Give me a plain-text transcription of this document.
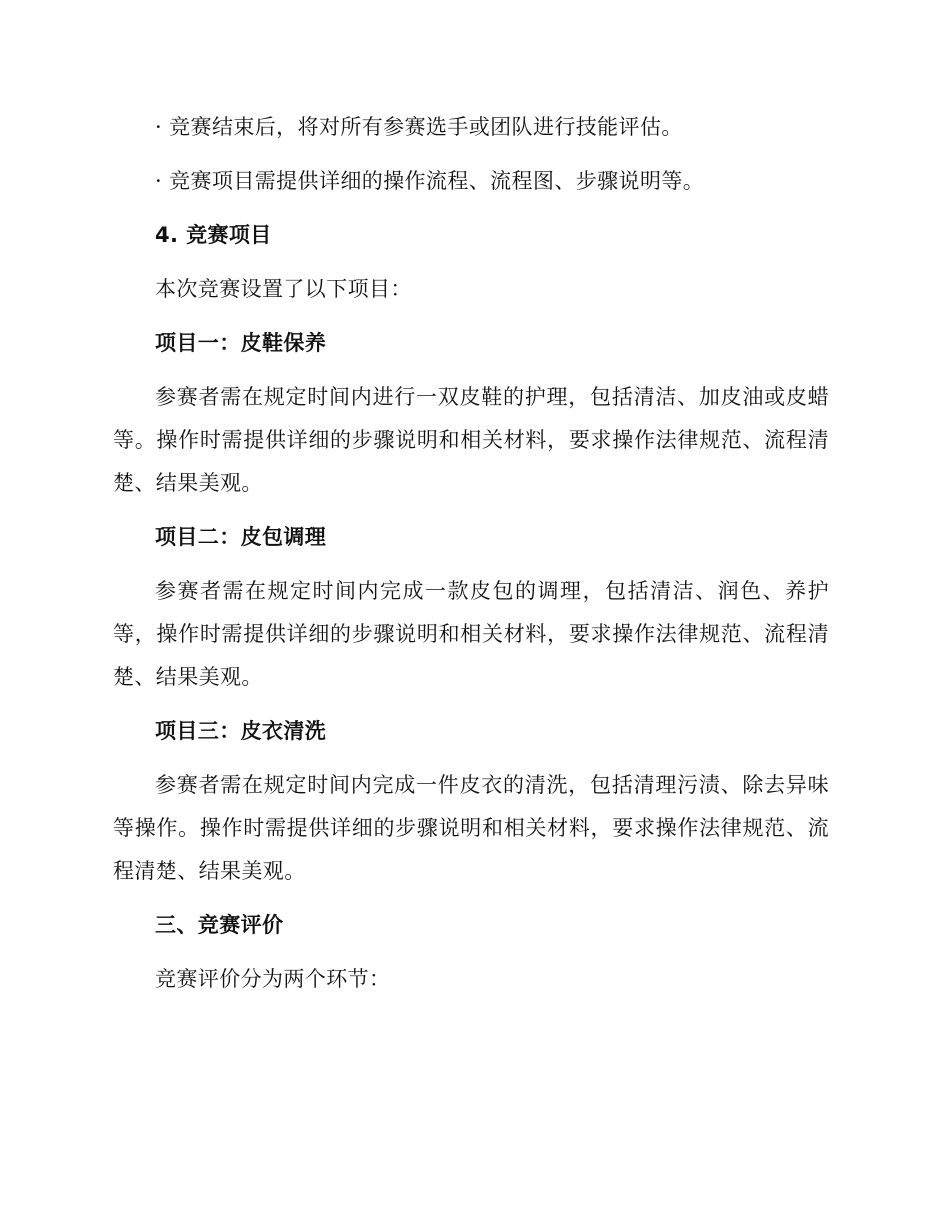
· 竞赛结束后，将对所有参赛选手或团队进行技能评估。

· 竞赛项目需提供详细的操作流程、流程图、步骤说明等。

4. 竞赛项目

本次竞赛设置了以下项目：

项目一：皮鞋保养

参赛者需在规定时间内进行一双皮鞋的护理，包括清洁、加皮油或皮蜡等。操作时需提供详细的步骤说明和相关材料，要求操作法律规范、流程清楚、结果美观。

项目二：皮包调理

参赛者需在规定时间内完成一款皮包的调理，包括清洁、润色、养护等，操作时需提供详细的步骤说明和相关材料，要求操作法律规范、流程清楚、结果美观。

项目三：皮衣清洗

参赛者需在规定时间内完成一件皮衣的清洗，包括清理污渍、除去异味等操作。操作时需提供详细的步骤说明和相关材料，要求操作法律规范、流程清楚、结果美观。

三、竞赛评价

竞赛评价分为两个环节：
